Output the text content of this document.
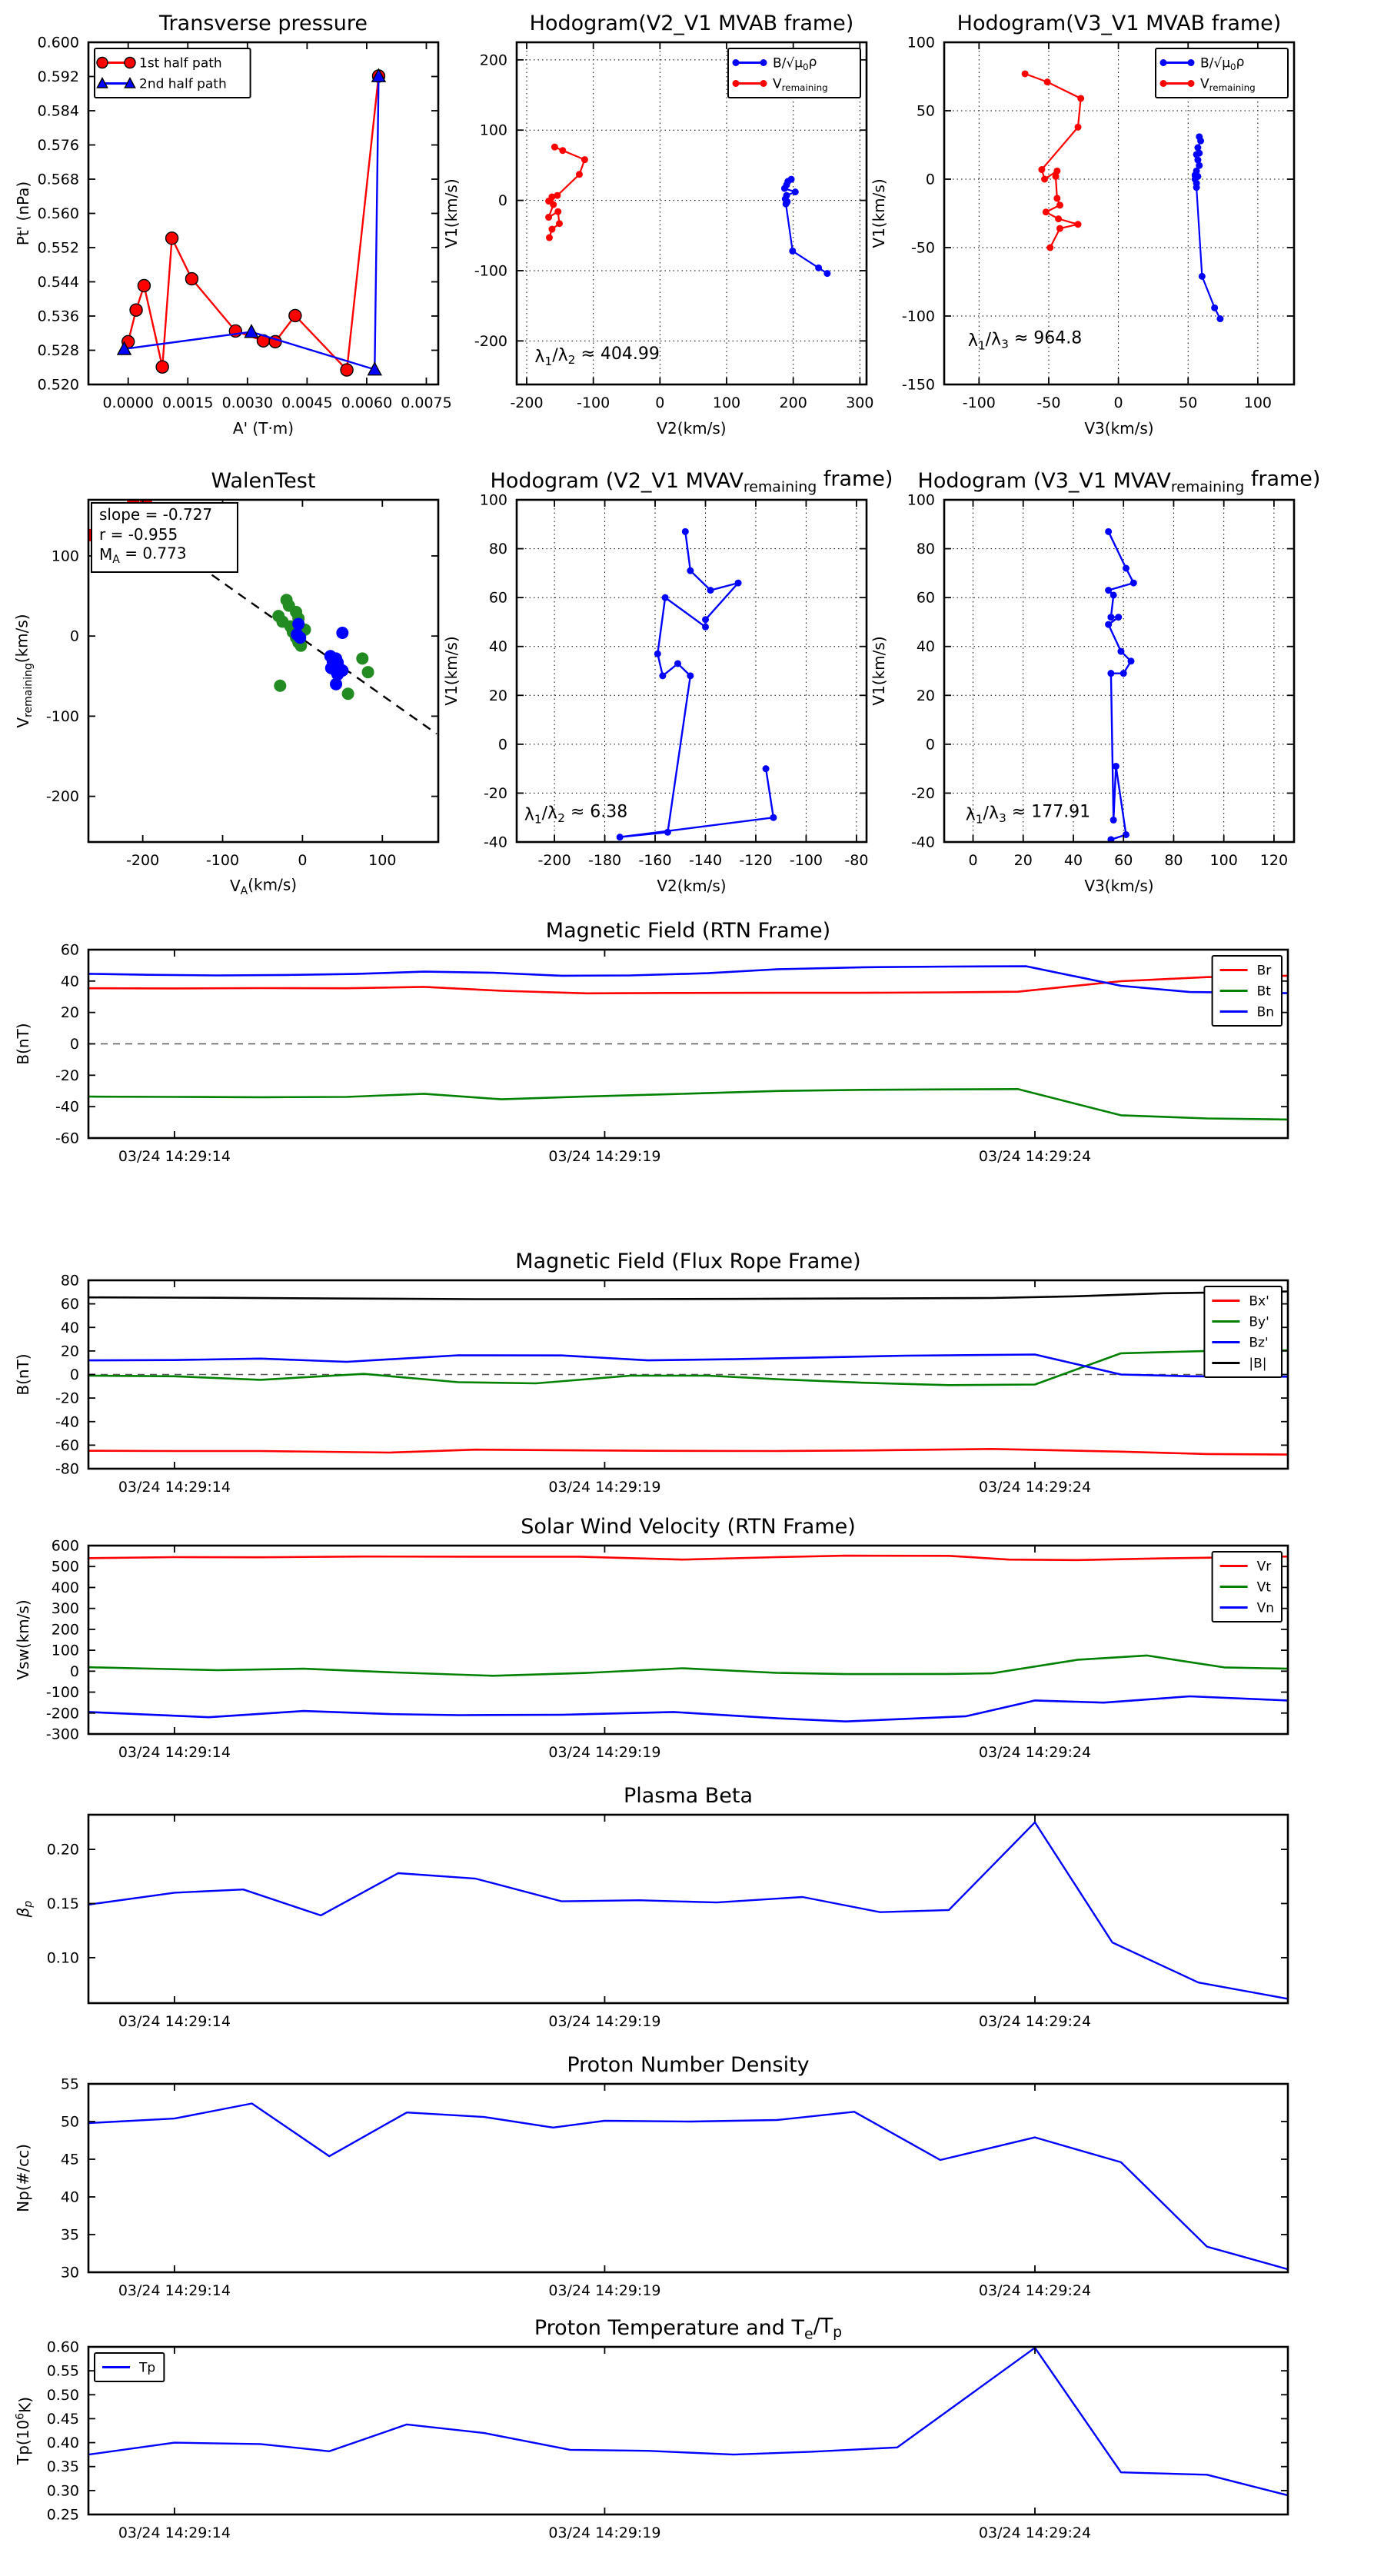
0.0000 0.0015 0.0030 0.0045 0.0060 0.0075
0.520
0.528
0.536
0.544
0.552
0.560
0.568
0.576
0.584
0.592
0.600
Transverse pressure
A' (T·m)
Pt' (nPa)
1st half path
2nd half path
-200 -100	0	100	200	300
-200
-100
0
100
200
Hodogram(V2_V1 MVAB frame)
V2(km/s)
V1(km/s)
B/√μ0ρ
Vremaining
λ1/λ2 ≈ 404.99
-100	-50	0	50	100
-150
-100
-50
0
50
100
Hodogram(V3_V1 MVAB frame)
V3(km/s)
V1(km/s)
B/√μ0ρ
Vremaining
λ1/λ3 ≈ 964.8
-200	-100	0	100
-200
-100
0
100
WalenTest
VA(km/s)
Vremaining(km/s)
slope = -0.727
r = -0.955
MA = 0.773
-200 -180 -160 -140 -120 -100 -80
-40
-20
0
20
40
60
80
100
Hodogram (V2_V1 MVAVremaining frame)
V2(km/s)
V1(km/s)
λ1/λ2 ≈ 6.38
0 20 40 60 80 100 120
-40
-20
0
20
40
60
80
100
Hodogram (V3_V1 MVAVremaining frame)
V3(km/s)
V1(km/s)
λ1/λ3 ≈ 177.91
03/24 14:29:14	03/24 14:29:19	03/24 14:29:24
-60
-40
-20
0
20
40
60
Magnetic Field (RTN Frame)
B(nT)
Br
Bt
Bn
03/24 14:29:14	03/24 14:29:19	03/24 14:29:24
-80
-60
-40
-20
0
20
40
60
80
Magnetic Field (Flux Rope Frame)
B(nT)
Bx'
By'
Bz'
|B|
03/24 14:29:14	03/24 14:29:19	03/24 14:29:24
-300
-200
-100
0
100
200
300
400
500
600
Solar Wind Velocity (RTN Frame)
Vsw(km/s)
Vr
Vt
Vn
03/24 14:29:14	03/24 14:29:19	03/24 14:29:24
0.10
0.15
0.20
Plasma Beta
βp
03/24 14:29:14	03/24 14:29:19	03/24 14:29:24
30
35
40
45
50
55
Proton Number Density
Np(#/cc)
03/24 14:29:14	03/24 14:29:19	03/24 14:29:24
0.25
0.30
0.35
0.40
0.45
0.50
0.55
0.60
Proton Temperature and Te/Tp
$Tp(10^6K)$
Tp
